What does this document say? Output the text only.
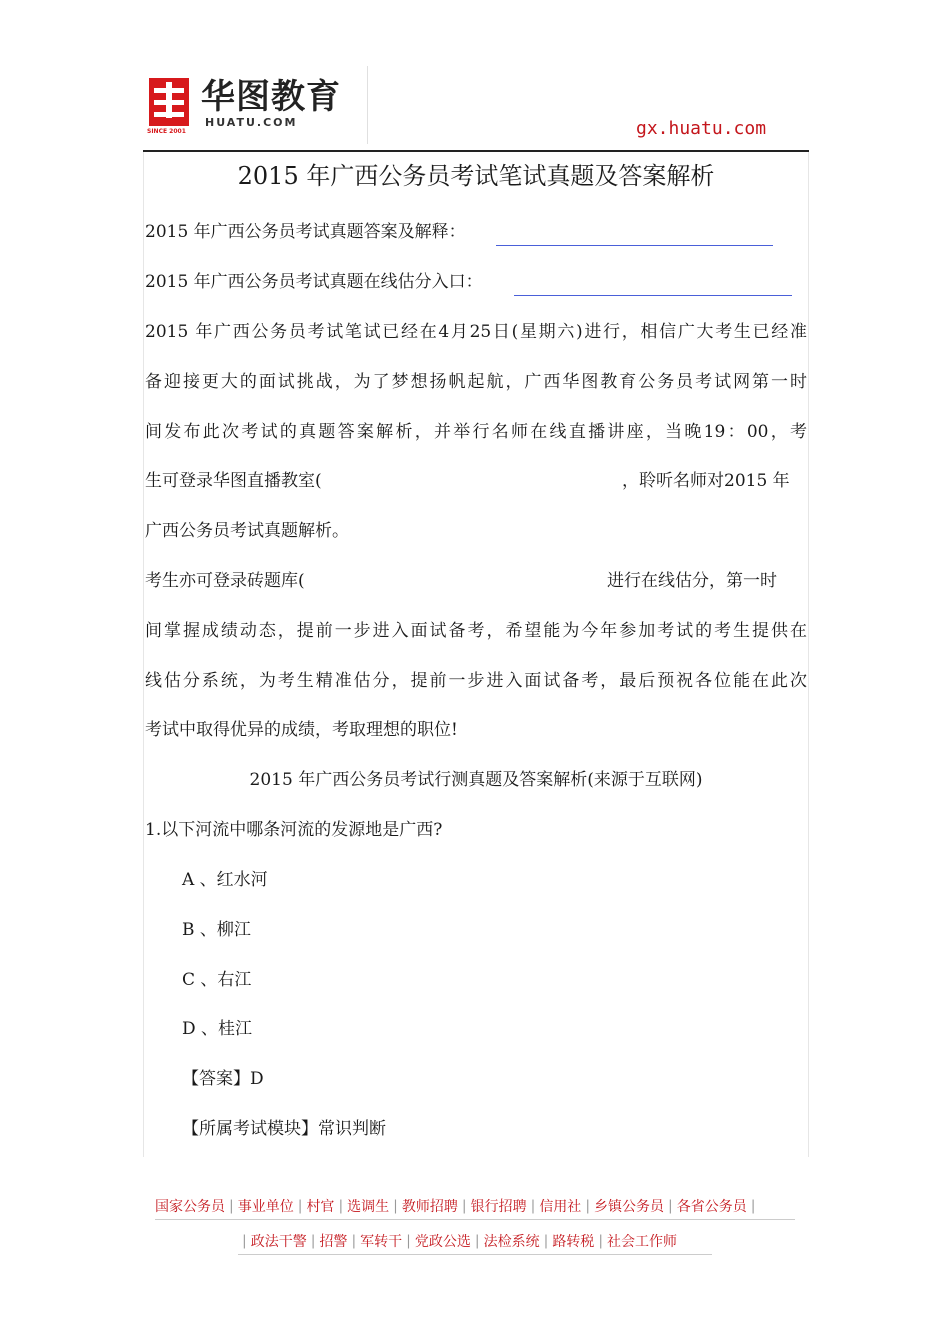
SINCE 2001
华图教育
HUATU.COM	gx.huatu.com
2015 年广西公务员考试笔试真题及答案解析
2015 年广西公务员考试真题答案及解释：
2015 年广西公务员考试真题在线估分入口：
2015 年广西公务员考试笔试已经在4月25日(星期六)进行，相信广大考生已经准
备迎接更大的面试挑战，为了梦想扬帆起航，广西华图教育公务员考试网第一时
间发布此次考试的真题答案解析，并举行名师在线直播讲座，当晚19：00，考
生可登录华图直播教室(	，聆听名师对2015 年
广西公务员考试真题解析。
考生亦可登录砖题库(	进行在线估分，第一时
间掌握成绩动态，提前一步进入面试备考，希望能为今年参加考试的考生提供在
线估分系统，为考生精准估分，提前一步进入面试备考，最后预祝各位能在此次
考试中取得优异的成绩，考取理想的职位!
2015 年广西公务员考试行测真题及答案解析(来源于互联网)
1.以下河流中哪条河流的发源地是广西?
A 、红水河
B 、柳江
C 、右江
D 、桂江
【答案】D
【所属考试模块】常识判断
国家公务员 | 事业单位 | 村官 | 选调生 | 教师招聘 | 银行招聘 | 信用社 | 乡镇公务员 | 各省公务员 |
| 政法干警 | 招警 | 军转干 | 党政公选 | 法检系统 | 路转税 | 社会工作师
